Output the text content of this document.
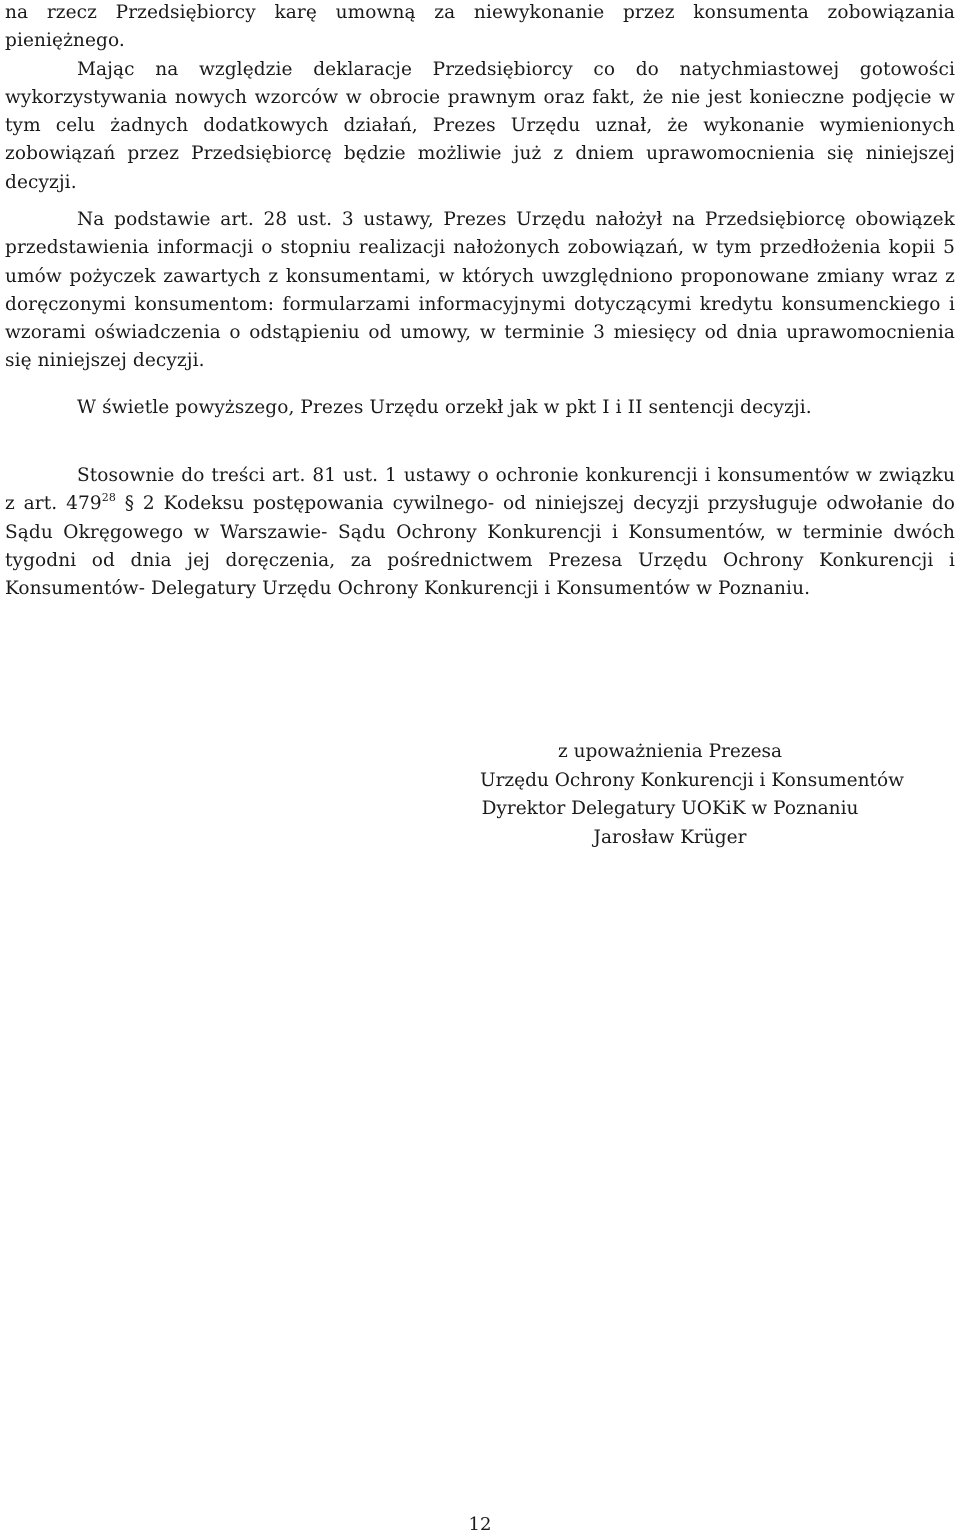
na rzecz Przedsiębiorcy karę umowną za niewykonanie przez konsumenta zobowiązania pieniężnego.
Mając na względzie deklaracje Przedsiębiorcy co do natychmiastowej gotowości wykorzystywania nowych wzorców w obrocie prawnym oraz fakt, że nie jest konieczne podjęcie w tym celu żadnych dodatkowych działań, Prezes Urzędu uznał, że wykonanie wymienionych zobowiązań przez Przedsiębiorcę będzie możliwie już z dniem uprawomocnienia się niniejszej decyzji.

Na podstawie art. 28 ust. 3 ustawy, Prezes Urzędu nałożył na Przedsiębiorcę obowiązek przedstawienia informacji o stopniu realizacji nałożonych zobowiązań, w tym przedłożenia kopii 5 umów pożyczek zawartych z konsumentami, w których uwzględniono proponowane zmiany wraz z doręczonymi konsumentom: formularzami informacyjnymi dotyczącymi kredytu konsumenckiego i wzorami oświadczenia o odstąpieniu od umowy, w terminie 3 miesięcy od dnia uprawomocnienia się niniejszej decyzji.

W świetle powyższego, Prezes Urzędu orzekł jak w pkt I i II sentencji decyzji.

Stosownie do treści art. 81 ust. 1 ustawy o ochronie konkurencji i konsumentów w związku z art. $479^{28}$ § 2 Kodeksu postępowania cywilnego- od niniejszej decyzji przysługuje odwołanie do Sądu Okręgowego w Warszawie- Sądu Ochrony Konkurencji i Konsumentów, w terminie dwóch tygodni od dnia jej doręczenia, za pośrednictwem Prezesa Urzędu Ochrony Konkurencji i Konsumentów- Delegatury Urzędu Ochrony Konkurencji i Konsumentów w Poznaniu.

z upoważnienia Prezesa
Urzędu Ochrony Konkurencji i Konsumentów
Dyrektor Delegatury UOKiK w Poznaniu
Jarosław Krüger
12
